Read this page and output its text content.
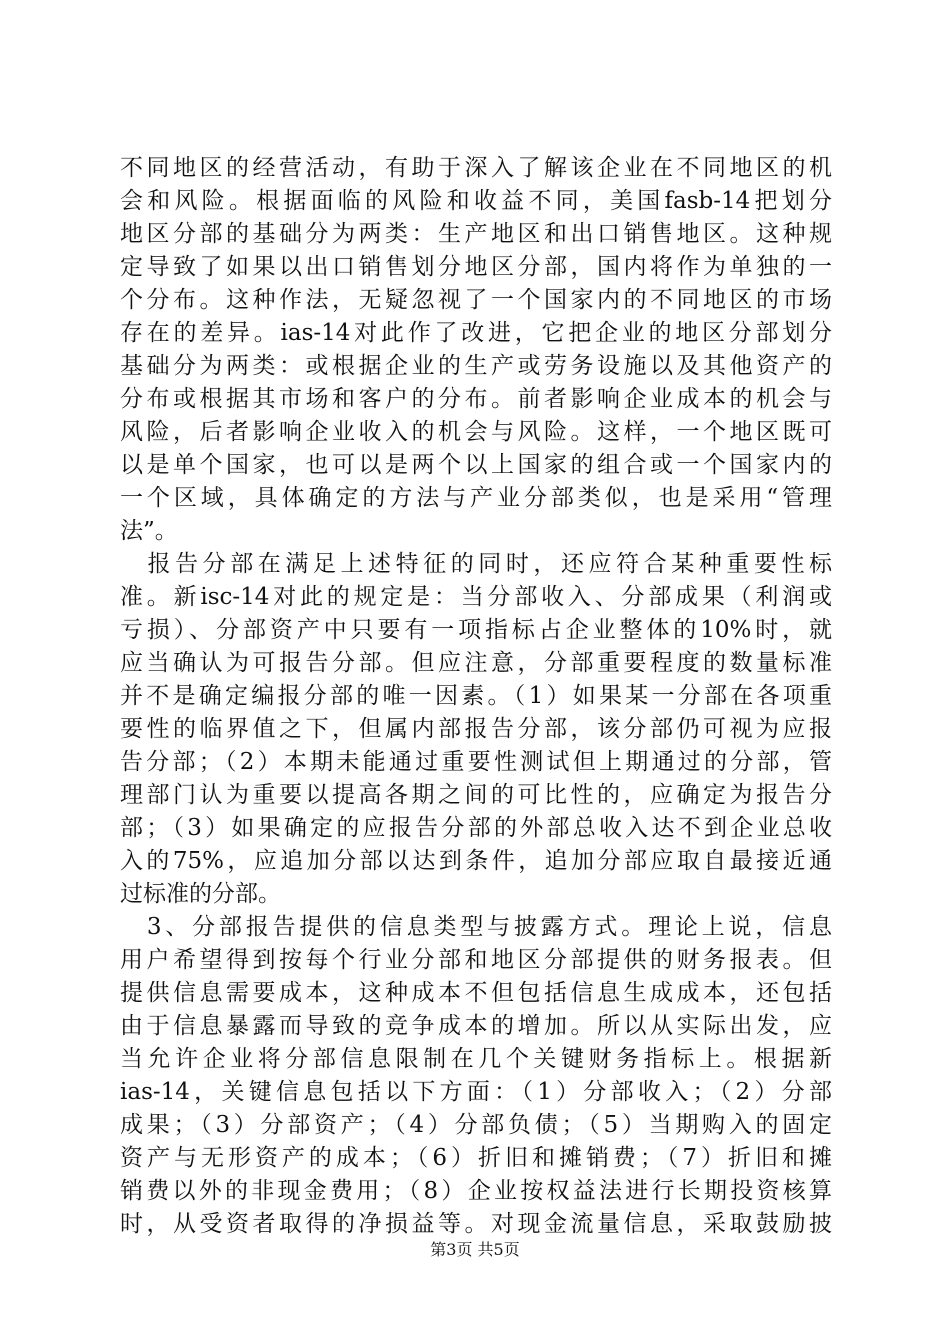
不同地区的经营活动，有助于深入了解该企业在不同地区的机
会和风险。根据面临的风险和收益不同，美国fasb-14把划分
地区分部的基础分为两类：生产地区和出口销售地区。这种规
定导致了如果以出口销售划分地区分部，国内将作为单独的一
个分布。这种作法，无疑忽视了一个国家内的不同地区的市场
存在的差异。ias-14对此作了改进，它把企业的地区分部划分
基础分为两类：或根据企业的生产或劳务设施以及其他资产的
分布或根据其市场和客户的分布。前者影响企业成本的机会与
风险，后者影响企业收入的机会与风险。这样，一个地区既可
以是单个国家，也可以是两个以上国家的组合或一个国家内的
一个区域，具体确定的方法与产业分部类似，也是采用“管理
法”。
　报告分部在满足上述特征的同时，还应符合某种重要性标
准。新isc-14对此的规定是：当分部收入、分部成果（利润或
亏损）、分部资产中只要有一项指标占企业整体的10%时，就
应当确认为可报告分部。但应注意，分部重要程度的数量标准
并不是确定编报分部的唯一因素。（1）如果某一分部在各项重
要性的临界值之下，但属内部报告分部，该分部仍可视为应报
告分部；（2）本期未能通过重要性测试但上期通过的分部，管
理部门认为重要以提高各期之间的可比性的，应确定为报告分
部；（3）如果确定的应报告分部的外部总收入达不到企业总收
入的75%，应追加分部以达到条件，追加分部应取自最接近通
过标准的分部。
　3、分部报告提供的信息类型与披露方式。理论上说，信息
用户希望得到按每个行业分部和地区分部提供的财务报表。但
提供信息需要成本，这种成本不但包括信息生成成本，还包括
由于信息暴露而导致的竞争成本的增加。所以从实际出发，应
当允许企业将分部信息限制在几个关键财务指标上。根据新
ias-14，关键信息包括以下方面：（1）分部收入；（2）分部
成果；（3）分部资产；（4）分部负债；（5）当期购入的固定
资产与无形资产的成本；（6）折旧和摊销费；（7）折旧和摊
销费以外的非现金费用；（8）企业按权益法进行长期投资核算
时，从受资者取得的净损益等。对现金流量信息，采取鼓励披
第3页 共5页
